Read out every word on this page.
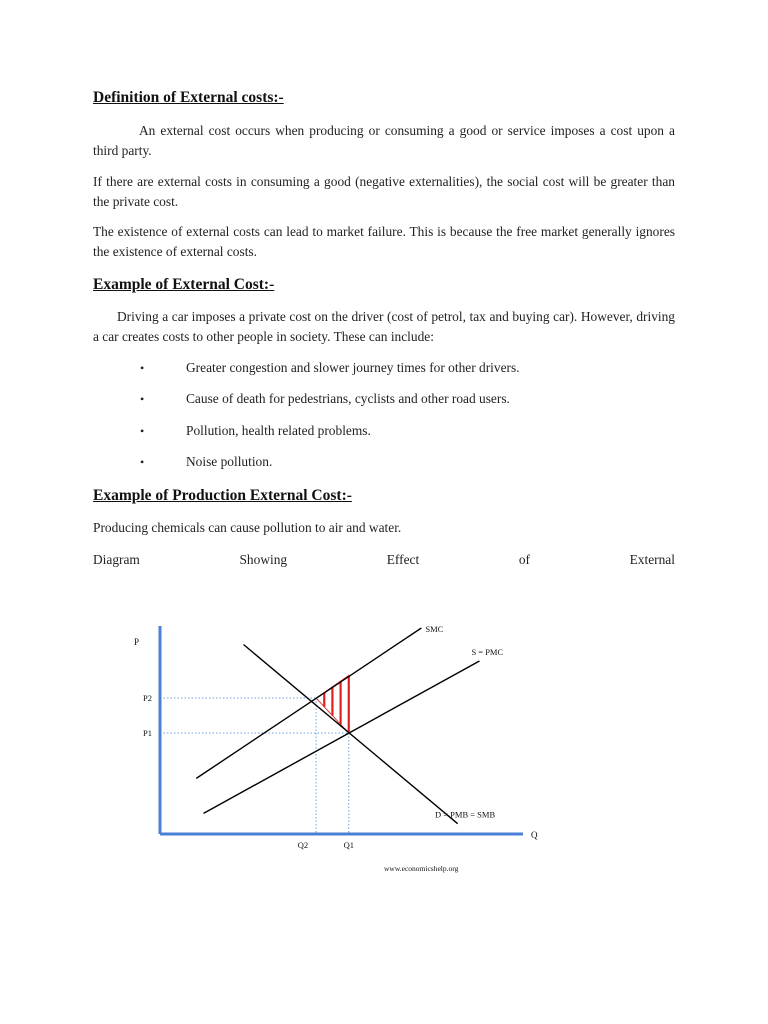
Definition of External costs:-

An external cost occurs when producing or consuming a good or service imposes a cost upon a third party.

If there are external costs in consuming a good (negative externalities), the social cost will be greater than the private cost.

The existence of external costs can lead to market failure. This is because the free market generally ignores the existence of external costs.

Example of External Cost:-

Driving a car imposes a private cost on the driver (cost of petrol, tax and buying car). However, driving a car creates costs to other people in society. These can include:

•	Greater congestion and slower journey times for other drivers.
•	Cause of death for pedestrians, cyclists and other road users.
•	Pollution, health related problems.
•	Noise pollution.
Example of Production External Cost:-

Producing chemicals can cause pollution to air and water.

Diagram	Showing	Effect	of	External
P
Q
SMC
S = PMC
D = PMB = SMB
P2
P1
Q2	Q1
www.economicshelp.org
